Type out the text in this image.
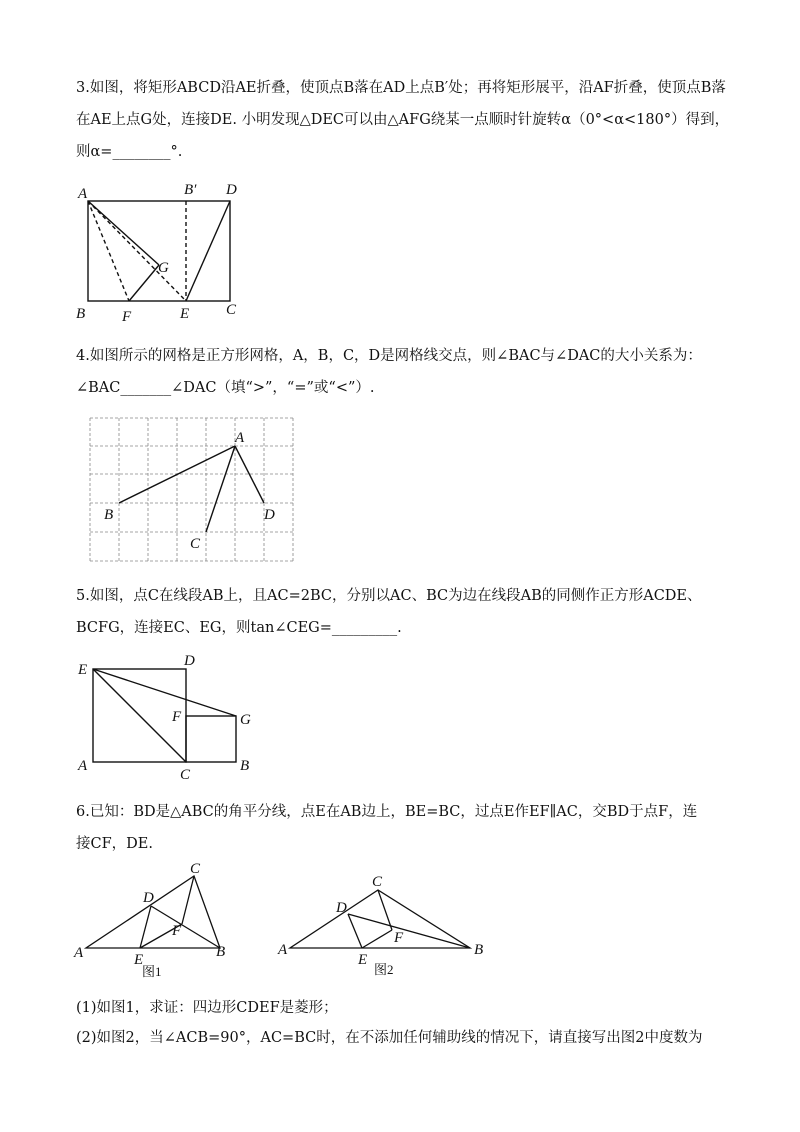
3.如图，将矩形ABCD沿AE折叠，使顶点B落在AD上点B′处；再将矩形展平，沿AF折叠，使顶点B落
在AE上点G处，连接DE. 小明发现△DEC可以由△AFG绕某一点顺时针旋转α（0°<α<180°）得到，
则α=________°.
A	B′ D
G
B F	E C
4.如图所示的网格是正方形网格，A，B，C，D是网格线交点，则∠BAC与∠DAC的大小关系为：
∠BAC_______∠DAC（填“>”，“=”或“<”）.
A
B
C
D
5.如图，点C在线段AB上，且AC=2BC，分别以AC、BC为边在线段AB的同侧作正方形ACDE、
BCFG，连接EC、EG，则tan∠CEG=_________.
E
D
F	G
A
C
B
6.已知：BD是△ABC的角平分线，点E在AB边上，BE=BC，过点E作EF∥AC，交BD于点F，连
接CF，DE.
A	B
C
D
E
F
图1
A	B
C
D
E
F
图2
(1)如图1，求证：四边形CDEF是菱形；
(2)如图2，当∠ACB=90°，AC=BC时，在不添加任何辅助线的情况下，请直接写出图2中度数为
